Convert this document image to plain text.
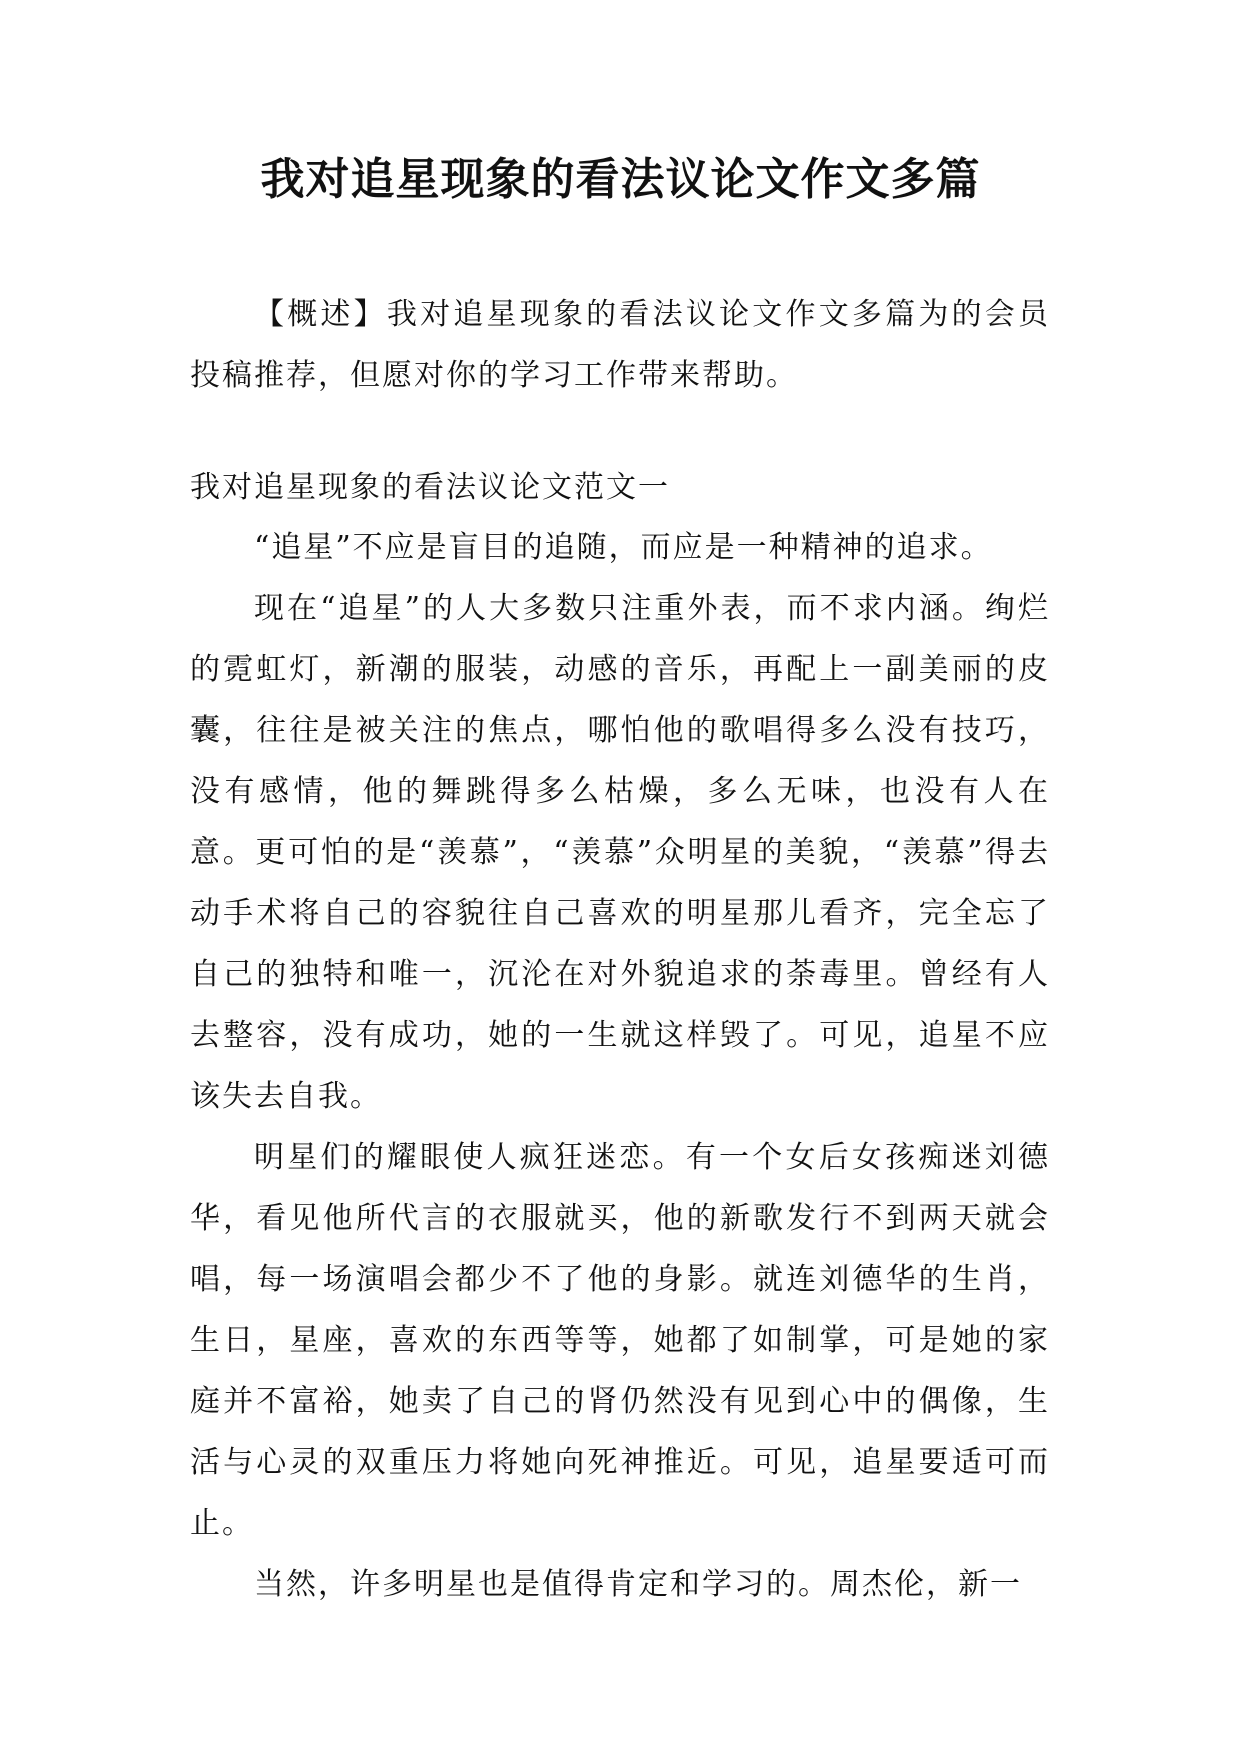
我对追星现象的看法议论文作文多篇

【概述】我对追星现象的看法议论文作文多篇为的会员投稿推荐，但愿对你的学习工作带来帮助。

我对追星现象的看法议论文范文一

“追星”不应是盲目的追随，而应是一种精神的追求。

现在“追星”的人大多数只注重外表，而不求内涵。绚烂的霓虹灯，新潮的服装，动感的音乐，再配上一副美丽的皮囊，往往是被关注的焦点，哪怕他的歌唱得多么没有技巧，没有感情，他的舞跳得多么枯燥，多么无味，也没有人在意。更可怕的是“羡慕”，“羡慕”众明星的美貌，“羡慕”得去动手术将自己的容貌往自己喜欢的明星那儿看齐，完全忘了自己的独特和唯一，沉沦在对外貌追求的荼毒里。曾经有人去整容，没有成功，她的一生就这样毁了。可见，追星不应该失去自我。

明星们的耀眼使人疯狂迷恋。有一个女后女孩痴迷刘德华，看见他所代言的衣服就买，他的新歌发行不到两天就会唱，每一场演唱会都少不了他的身影。就连刘德华的生肖，生日，星座，喜欢的东西等等，她都了如制掌，可是她的家庭并不富裕，她卖了自己的肾仍然没有见到心中的偶像，生活与心灵的双重压力将她向死神推近。可见，追星要适可而止。

当然，许多明星也是值得肯定和学习的。周杰伦，新一
